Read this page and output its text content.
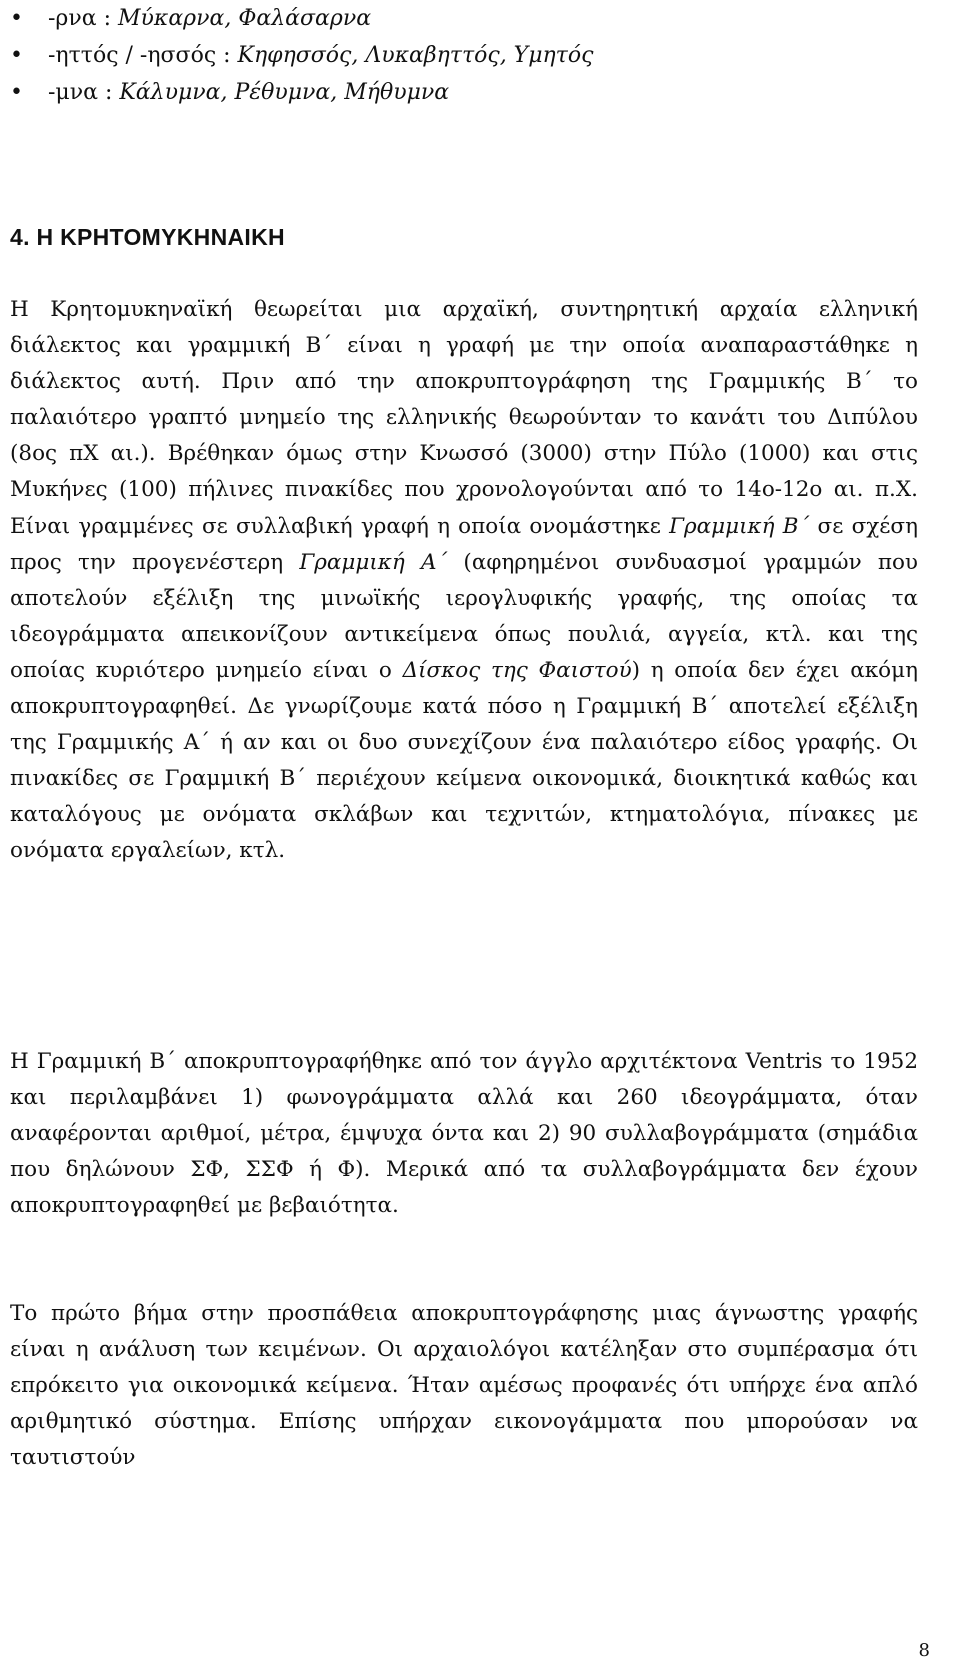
• -ρνα : Μύκαρνα, Φαλάσαρνα
• -ηττός / -ησσός : Κηφησσός, Λυκαβηττός, Υμητός
• -μνα : Κάλυμνα, Ρέθυμνα, Μήθυμνα
4. Η ΚΡΗΤΟΜΥΚΗΝΑΙΚΗ

Η Κρητομυκηναϊκή θεωρείται μια αρχαϊκή, συντηρητική αρχαία ελληνική διάλεκτος και γραμμική Β΄ είναι η γραφή με την οποία αναπαραστάθηκε η διάλεκτος αυτή. Πριν από την αποκρυπτογράφηση της Γραμμικής Β΄ το παλαιότερο γραπτό μνημείο της ελληνικής θεωρούνταν το κανάτι του Διπύλου (8ος πΧ αι.). Βρέθηκαν όμως στην Κνωσσό (3000) στην Πύλο (1000) και στις Μυκήνες (100) πήλινες πινακίδες που χρονολογούνται από το 14ο-12ο αι. π.Χ. Είναι γραμμένες σε συλλαβική γραφή η οποία ονομάστηκε Γραμμική Β΄ σε σχέση προς την προγενέστερη Γραμμική Α΄ (αφηρημένοι συνδυασμοί γραμμών που αποτελούν εξέλιξη της μινωϊκής ιερογλυφικής γραφής, της οποίας τα ιδεογράμματα απεικονίζουν αντικείμενα όπως πουλιά, αγγεία, κτλ. και της οποίας κυριότερο μνημείο είναι ο Δίσκος της Φαιστού) η οποία δεν έχει ακόμη αποκρυπτογραφηθεί. Δε γνωρίζουμε κατά πόσο η Γραμμική Β΄ αποτελεί εξέλιξη της Γραμμικής Α΄ ή αν και οι δυο συνεχίζουν ένα παλαιότερο είδος γραφής. Οι πινακίδες σε Γραμμική Β΄ περιέχουν κείμενα οικονομικά, διοικητικά καθώς και καταλόγους με ονόματα σκλάβων και τεχνιτών, κτηματολόγια, πίνακες με ονόματα εργαλείων, κτλ.

Η Γραμμική Β΄ αποκρυπτογραφήθηκε από τον άγγλο αρχιτέκτονα Ventris το 1952 και περιλαμβάνει 1) φωνογράμματα αλλά και 260 ιδεογράμματα, όταν αναφέρονται αριθμοί, μέτρα, έμψυχα όντα και 2) 90 συλλαβογράμματα (σημάδια που δηλώνουν ΣΦ, ΣΣΦ ή Φ). Μερικά από τα συλλαβογράμματα δεν έχουν αποκρυπτογραφηθεί με βεβαιότητα.

Το πρώτο βήμα στην προσπάθεια αποκρυπτογράφησης μιας άγνωστης γραφής είναι η ανάλυση των κειμένων. Οι αρχαιολόγοι κατέληξαν στο συμπέρασμα ότι επρόκειτο για οικονομικά κείμενα. Ήταν αμέσως προφανές ότι υπήρχε ένα απλό αριθμητικό σύστημα. Επίσης υπήρχαν εικονογάμματα που μπορούσαν να ταυτιστούν

8
